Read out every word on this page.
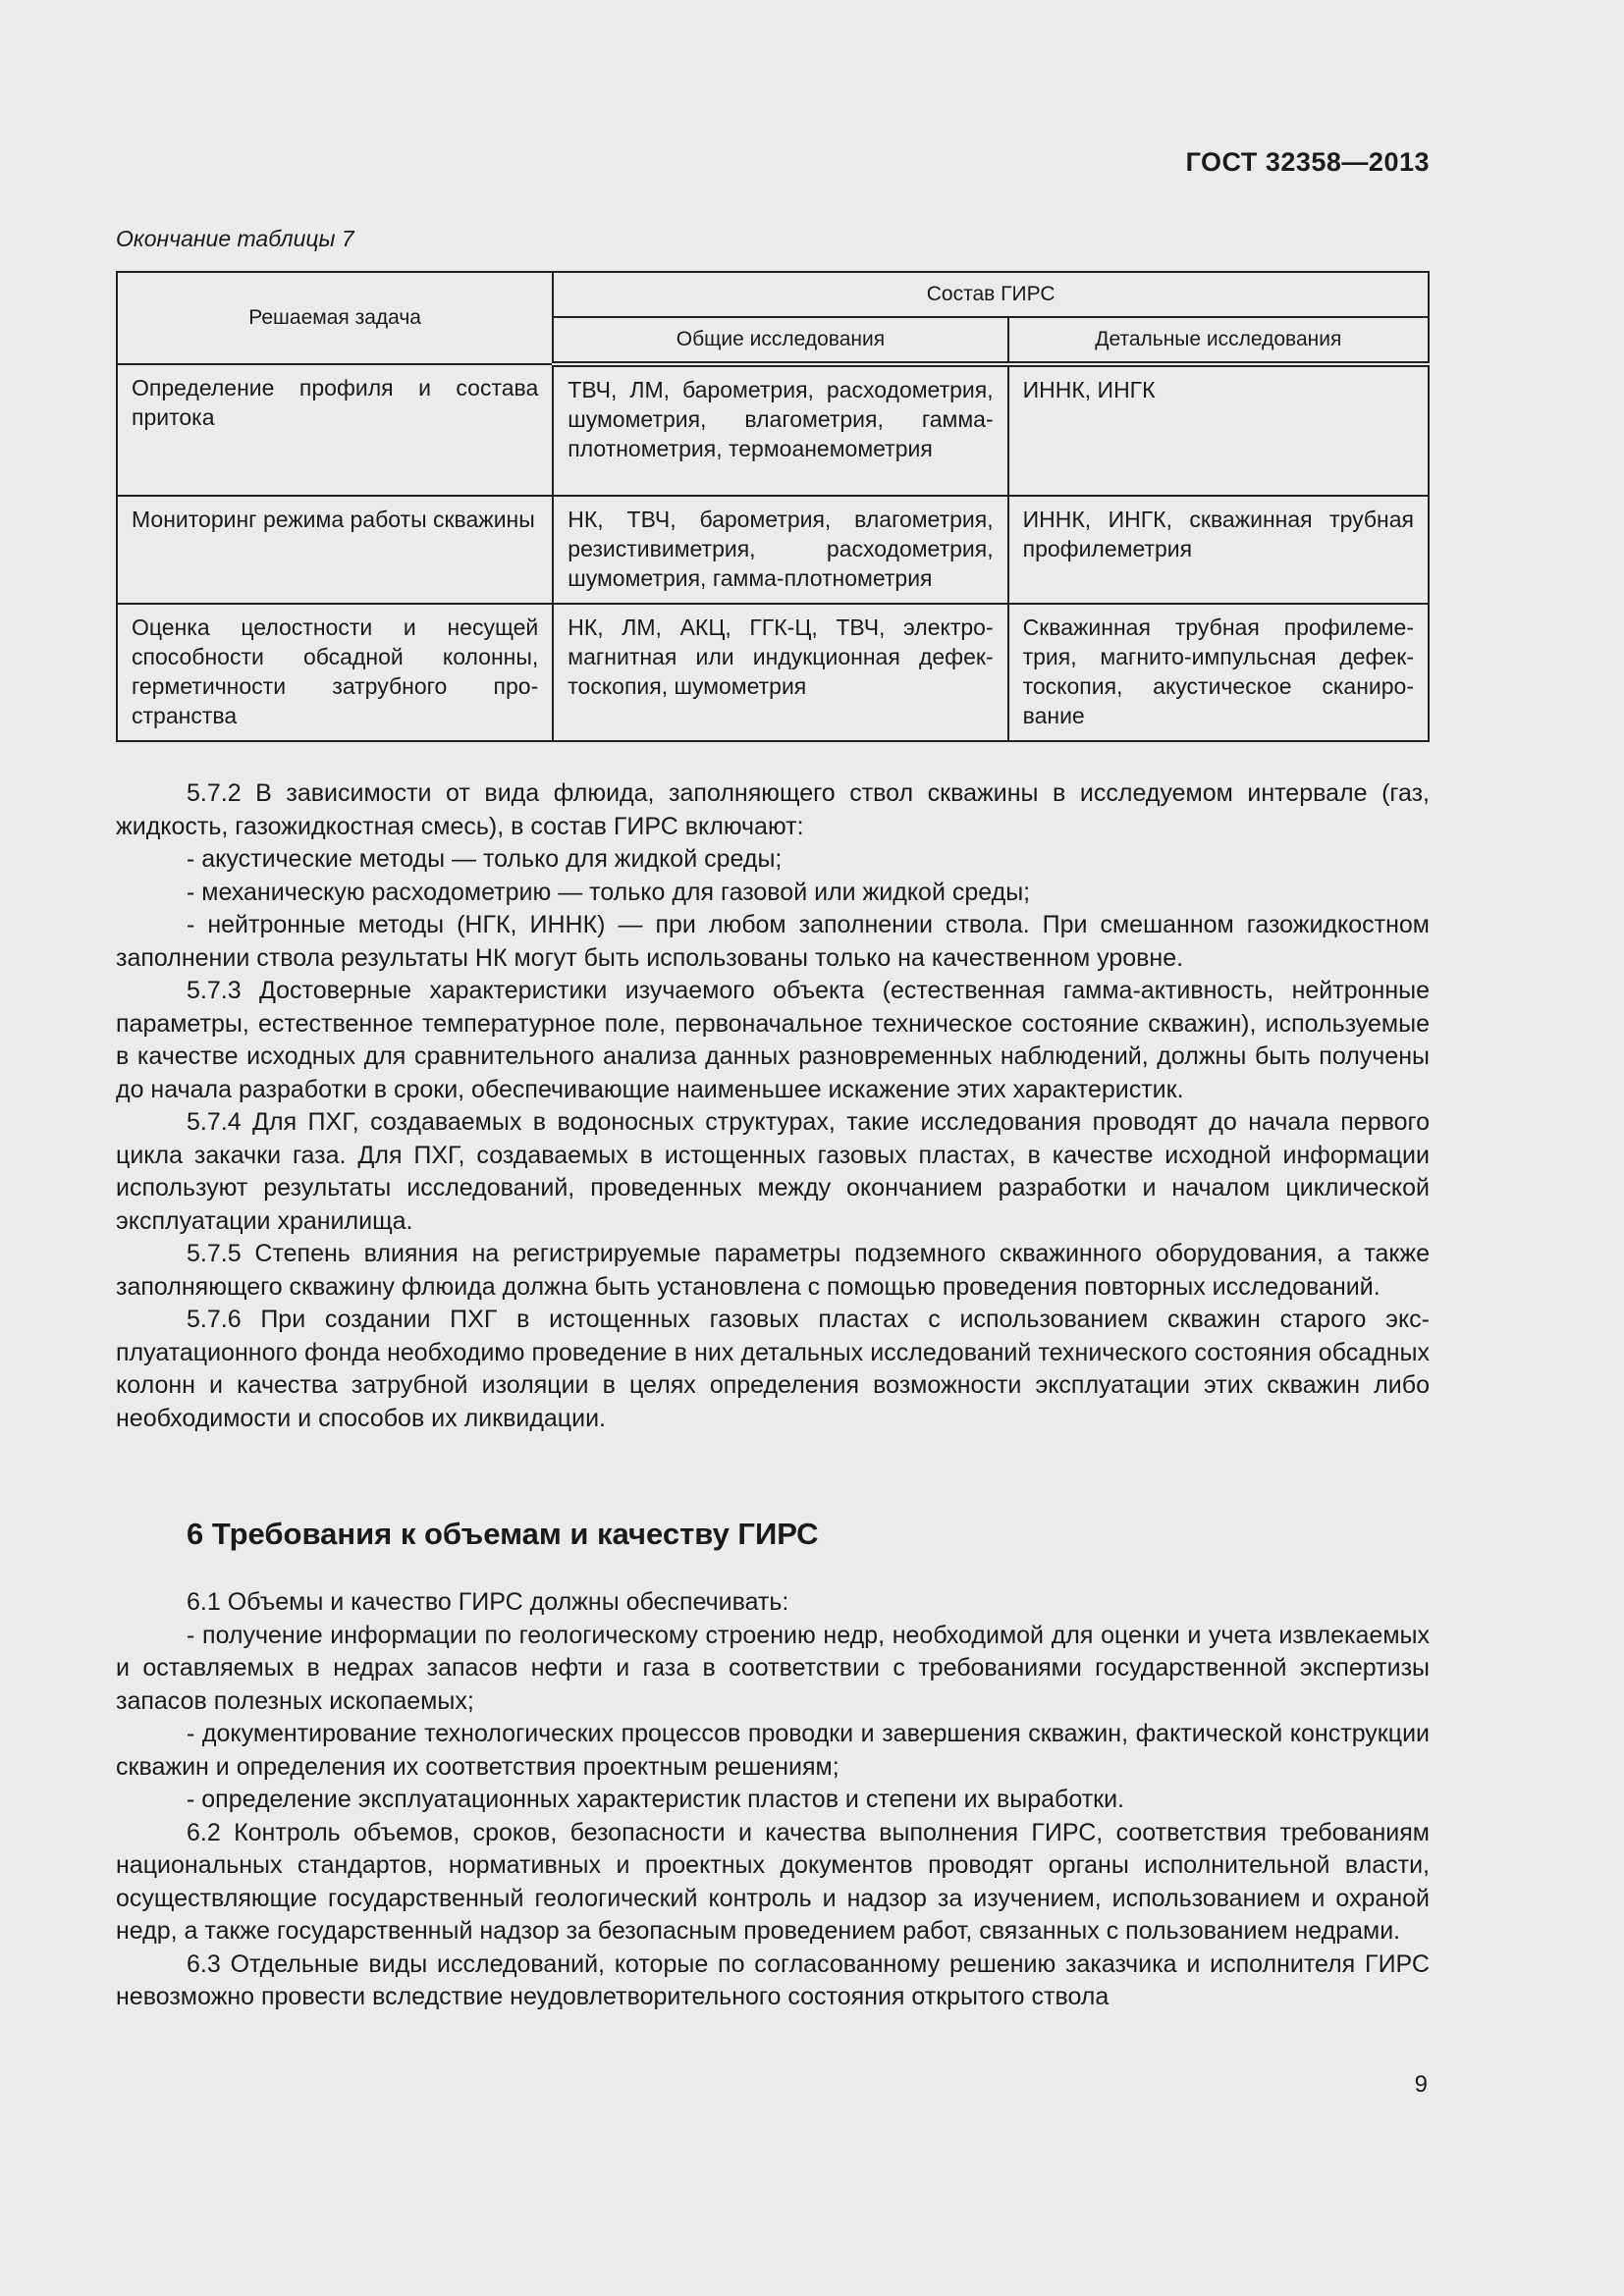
ГОСТ 32358—2013
Окончание таблицы 7
Решаемая задача	Состав ГИРС	
	Общие исследования	Детальные исследования
Определение профиля и состава притока	ТВЧ, ЛМ, барометрия, расходометрия, шумометрия, влагометрия, гамма-плотнометрия, термоанемометрия	ИННК, ИНГК
Мониторинг режима работы скважины	НК, ТВЧ, барометрия, влагометрия, резистивиметрия, расходометрия, шумометрия, гамма-плотнометрия	ИННК, ИНГК, скважинная трубная профилеметрия
Оценка целостности и несущей способности обсадной колонны, герметичности затрубного пространства	НК, ЛМ, АКЦ, ГГК-Ц, ТВЧ, электромагнитная или индукционная дефектоскопия, шумометрия	Скважинная трубная профилеметрия, магнито-импульсная дефектоскопия, акустическое сканирование

5.7.2 В зависимости от вида флюида, заполняющего ствол скважины в исследуемом интервале (газ, жидкость, газожидкостная смесь), в состав ГИРС включают:

- акустические методы — только для жидкой среды;

- механическую расходометрию — только для газовой или жидкой среды;

- нейтронные методы (НГК, ИННК) — при любом заполнении ствола. При смешанном газожидкостном заполнении ствола результаты НК могут быть использованы только на качественном уровне.

5.7.3 Достоверные характеристики изучаемого объекта (естественная гамма-активность, нейтронные параметры, естественное температурное поле, первоначальное техническое состояние скважин), используемые в качестве исходных для сравнительного анализа данных разновременных наблюдений, должны быть получены до начала разработки в сроки, обеспечивающие наименьшее искажение этих характеристик.

5.7.4 Для ПХГ, создаваемых в водоносных структурах, такие исследования проводят до начала первого цикла закачки газа. Для ПХГ, создаваемых в истощенных газовых пластах, в качестве исходной информации используют результаты исследований, проведенных между окончанием разработки и началом циклической эксплуатации хранилища.

5.7.5 Степень влияния на регистрируемые параметры подземного скважинного оборудования, а также заполняющего скважину флюида должна быть установлена с помощью проведения повторных исследований.

5.7.6 При создании ПХГ в истощенных газовых пластах с использованием скважин старого эксплуатационного фонда необходимо проведение в них детальных исследований технического состояния обсадных колонн и качества затрубной изоляции в целях определения возможности эксплуатации этих скважин либо необходимости и способов их ликвидации.

6 Требования к объемам и качеству ГИРС

6.1 Объемы и качество ГИРС должны обеспечивать:

- получение информации по геологическому строению недр, необходимой для оценки и учета извлекаемых и оставляемых в недрах запасов нефти и газа в соответствии с требованиями государственной экспертизы запасов полезных ископаемых;

- документирование технологических процессов проводки и завершения скважин, фактической конструкции скважин и определения их соответствия проектным решениям;

- определение эксплуатационных характеристик пластов и степени их выработки.

6.2 Контроль объемов, сроков, безопасности и качества выполнения ГИРС, соответствия требованиям национальных стандартов, нормативных и проектных документов проводят органы исполнительной власти, осуществляющие государственный геологический контроль и надзор за изучением, использованием и охраной недр, а также государственный надзор за безопасным проведением работ, связанных с пользованием недрами.

6.3 Отдельные виды исследований, которые по согласованному решению заказчика и исполнителя ГИРС невозможно провести вследствие неудовлетворительного состояния открытого ствола

9
